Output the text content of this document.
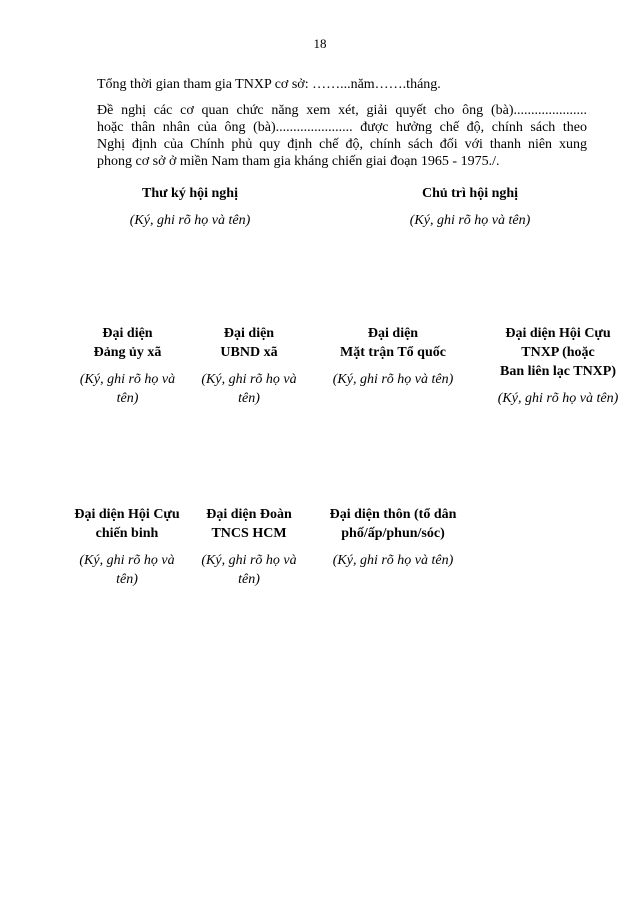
18
Tổng thời gian tham gia TNXP cơ sở: ……...năm…….tháng.
Đề nghị các cơ quan chức năng xem xét, giải quyết cho ông (bà).....................
hoặc thân nhân của ông (bà)...................... được hưởng chế độ, chính sách theo
Nghị định của Chính phủ quy định chế độ, chính sách đối với thanh niên xung
phong cơ sở ở miền Nam tham gia kháng chiến giai đoạn 1965 - 1975./.
Thư ký hội nghị
(Ký, ghi rõ họ và tên)
Chủ trì hội nghị
(Ký, ghi rõ họ và tên)
Đại diện
Đảng ủy xã
(Ký, ghi rõ họ và
tên)
Đại diện
UBND xã
(Ký, ghi rõ họ và
tên)
Đại diện
Mặt trận Tổ quốc
(Ký, ghi rõ họ và tên)
Đại diện Hội Cựu
TNXP (hoặc
Ban liên lạc TNXP)
(Ký, ghi rõ họ và tên)
Đại diện Hội Cựu
chiến binh
(Ký, ghi rõ họ và
tên)
Đại diện Đoàn
TNCS HCM
(Ký, ghi rõ họ và
tên)
Đại diện thôn (tổ dân
phố/ấp/phun/sóc)
(Ký, ghi rõ họ và tên)
